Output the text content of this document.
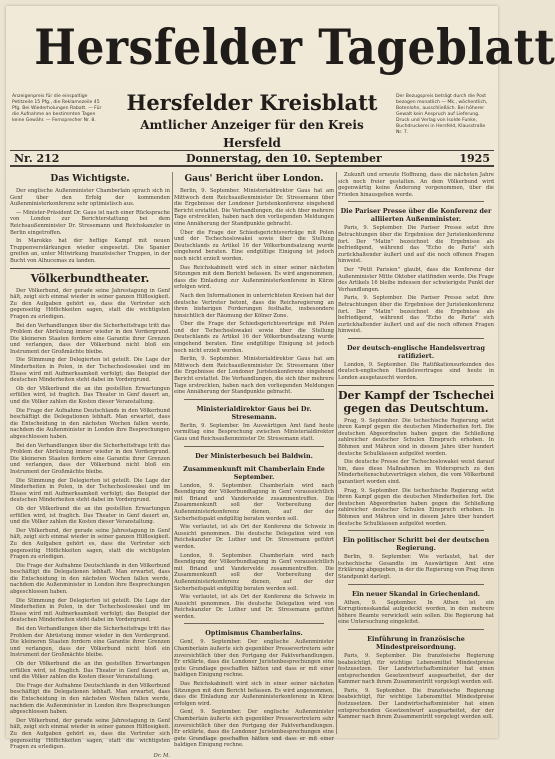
Hersfelder Tageblatt
Anzeigenpreis für die einspaltige Petitzeile 15 Pfg., die Reklamezeile 45 Pfg. Bei Wiederholungen Rabatt. — Für die Aufnahme an bestimmten Tagen keine Gewähr. — Fernsprecher Nr. 8.
Hersfelder Kreisblatt
Amtlicher Anzeiger für den Kreis Hersfeld
Der Bezugspreis beträgt durch die Post bezogen monatlich — Mk., wöchentlich, Botenlohn, ausschließlich. Bei höherer Gewalt kein Anspruch auf Lieferung. Druck und Verlag von Isolde Funke, Buchdruckerei in Hersfeld, Klausstraße Nr. 7.
Nr. 212	Donnerstag, den 10. September	1925
Das Wichtigste.

Der englische Außenminister Chamberlain sprach sich in Genf über den Erfolg der kommenden Außenministerkonferenz sehr optimistisch aus.

— Minister-Präsident Dr. Gaus ist nach einer Rücksprache von London zur Berichterstattung bei dem Reichsaußenminister Dr. Stresemann und Reichskanzler in Berlin eingetroffen.

In Marokko hat der heftige Kampf mit neuen Truppenverstärkungen wieder eingesetzt. Die Spanier greifen an, unter Mitwirkung französischer Truppen, in der Bucht von Alhucemas zu landen.

Völkerbundtheater.

Der Völkerbund, der gerade seine Jahrestagung in Genf hält, zeigt sich einmal wieder in seiner ganzen Hilflosigkeit. Zu den Aufgaben gehört es, dass die Vertreter sich gegenseitig Höflichkeiten sagen, statt die wichtigsten Fragen zu erledigen.

Bei den Verhandlungen über die Sicherheitsfrage tritt das Problem der Abrüstung immer wieder in den Vordergrund. Die kleineren Staaten fordern eine Garantie ihrer Grenzen und verlangen, dass der Völkerbund nicht bloß ein Instrument der Großmächte bleibe.

Die Stimmung der Delegierten ist geteilt. Die Lage der Minderheiten in Polen, in der Tschechoslowakei und im Elsass wird mit Aufmerksamkeit verfolgt; das Beispiel der deutschen Minderheiten steht dabei im Vordergrund.

Ob der Völkerbund die an ihn gestellten Erwartungen erfüllen wird, ist fraglich. Das Theater in Genf dauert an, und die Völker zahlen die Kosten dieser Veranstaltung.

Die Frage der Aufnahme Deutschlands in den Völkerbund beschäftigt die Delegationen lebhaft. Man erwartet, dass die Entscheidung in den nächsten Wochen fallen werde, nachdem die Außenminister in London ihre Besprechungen abgeschlossen haben.

Bei den Verhandlungen über die Sicherheitsfrage tritt das Problem der Abrüstung immer wieder in den Vordergrund. Die kleineren Staaten fordern eine Garantie ihrer Grenzen und verlangen, dass der Völkerbund nicht bloß ein Instrument der Großmächte bleibe.

Die Stimmung der Delegierten ist geteilt. Die Lage der Minderheiten in Polen, in der Tschechoslowakei und im Elsass wird mit Aufmerksamkeit verfolgt; das Beispiel der deutschen Minderheiten steht dabei im Vordergrund.

Ob der Völkerbund die an ihn gestellten Erwartungen erfüllen wird, ist fraglich. Das Theater in Genf dauert an, und die Völker zahlen die Kosten dieser Veranstaltung.

Der Völkerbund, der gerade seine Jahrestagung in Genf hält, zeigt sich einmal wieder in seiner ganzen Hilflosigkeit. Zu den Aufgaben gehört es, dass die Vertreter sich gegenseitig Höflichkeiten sagen, statt die wichtigsten Fragen zu erledigen.

Die Frage der Aufnahme Deutschlands in den Völkerbund beschäftigt die Delegationen lebhaft. Man erwartet, dass die Entscheidung in den nächsten Wochen fallen werde, nachdem die Außenminister in London ihre Besprechungen abgeschlossen haben.

Die Stimmung der Delegierten ist geteilt. Die Lage der Minderheiten in Polen, in der Tschechoslowakei und im Elsass wird mit Aufmerksamkeit verfolgt; das Beispiel der deutschen Minderheiten steht dabei im Vordergrund.

Bei den Verhandlungen über die Sicherheitsfrage tritt das Problem der Abrüstung immer wieder in den Vordergrund. Die kleineren Staaten fordern eine Garantie ihrer Grenzen und verlangen, dass der Völkerbund nicht bloß ein Instrument der Großmächte bleibe.

Ob der Völkerbund die an ihn gestellten Erwartungen erfüllen wird, ist fraglich. Das Theater in Genf dauert an, und die Völker zahlen die Kosten dieser Veranstaltung.

Die Frage der Aufnahme Deutschlands in den Völkerbund beschäftigt die Delegationen lebhaft. Man erwartet, dass die Entscheidung in den nächsten Wochen fallen werde, nachdem die Außenminister in London ihre Besprechungen abgeschlossen haben.

Der Völkerbund, der gerade seine Jahrestagung in Genf hält, zeigt sich einmal wieder in seiner ganzen Hilflosigkeit. Zu den Aufgaben gehört es, dass die Vertreter sich gegenseitig Höflichkeiten sagen, statt die wichtigsten Fragen zu erledigen.

Dr. M.
Gaus' Bericht über London.

Berlin, 9. September. Ministerialdirektor Gaus hat am Mittwoch dem Reichsaußenminister Dr. Stresemann über die Ergebnisse der Londoner Juristenkonferenz eingehend Bericht erstattet. Die Verhandlungen, die sich über mehrere Tage erstreckten, haben nach den vorliegenden Meldungen eine Annäherung der Standpunkte gebracht.

Über die Frage der Schiedsgerichtsverträge mit Polen und der Tschechoslowakei sowie über die Stellung Deutschlands zu Artikel 16 der Völkerbundsatzung wurde eingehend beraten. Eine endgültige Einigung ist jedoch noch nicht erzielt worden.

Das Reichskabinett wird sich in einer seiner nächsten Sitzungen mit dem Bericht befassen. Es wird angenommen, dass die Einladung zur Außenministerkonferenz in Kürze erfolgen wird.

Nach den Informationen in unterrichteten Kreisen hat der deutsche Vertreter betont, dass die Reichsregierung an ihren bisherigen Forderungen festhalte, insbesondere hinsichtlich der Räumung der Kölner Zone.

Über die Frage der Schiedsgerichtsverträge mit Polen und der Tschechoslowakei sowie über die Stellung Deutschlands zu Artikel 16 der Völkerbundsatzung wurde eingehend beraten. Eine endgültige Einigung ist jedoch noch nicht erzielt worden.

Berlin, 9. September. Ministerialdirektor Gaus hat am Mittwoch dem Reichsaußenminister Dr. Stresemann über die Ergebnisse der Londoner Juristenkonferenz eingehend Bericht erstattet. Die Verhandlungen, die sich über mehrere Tage erstreckten, haben nach den vorliegenden Meldungen eine Annäherung der Standpunkte gebracht.

Ministerialdirektor Gaus bei Dr. Stresemann.

Berlin, 9. September. Im Auswärtigen Amt fand heute vormittag eine Besprechung zwischen Ministerialdirektor Gaus und Reichsaußenminister Dr. Stresemann statt.

Der Ministerbesuch bei Baldwin.
Zusammenkunft mit Chamberlain Ende September.

London, 9. September. Chamberlain wird nach Beendigung der Völkerbundtagung in Genf voraussichtlich mit Briand und Vandervelde zusammentreffen. Die Zusammenkunft soll der Vorbereitung der Außenministerkonferenz dienen, auf der der Sicherheitspakt endgültig beraten werden soll.

Wie verlautet, ist als Ort der Konferenz die Schweiz in Aussicht genommen. Die deutsche Delegation wird von Reichskanzler Dr. Luther und Dr. Stresemann geführt werden.

London, 9. September. Chamberlain wird nach Beendigung der Völkerbundtagung in Genf voraussichtlich mit Briand und Vandervelde zusammentreffen. Die Zusammenkunft soll der Vorbereitung der Außenministerkonferenz dienen, auf der der Sicherheitspakt endgültig beraten werden soll.

Wie verlautet, ist als Ort der Konferenz die Schweiz in Aussicht genommen. Die deutsche Delegation wird von Reichskanzler Dr. Luther und Dr. Stresemann geführt werden.

Optimismus Chamberlains.

Genf, 9. September. Der englische Außenminister Chamberlain äußerte sich gegenüber Pressevertretern sehr zuversichtlich über den Fortgang der Paktverhandlungen. Er erklärte, dass die Londoner Juristenbesprechungen eine gute Grundlage geschaffen hätten und dass er mit einer baldigen Einigung rechne.

Das Reichskabinett wird sich in einer seiner nächsten Sitzungen mit dem Bericht befassen. Es wird angenommen, dass die Einladung zur Außenministerkonferenz in Kürze erfolgen wird.

Genf, 9. September. Der englische Außenminister Chamberlain äußerte sich gegenüber Pressevertretern sehr zuversichtlich über den Fortgang der Paktverhandlungen. Er erklärte, dass die Londoner Juristenbesprechungen eine gute Grundlage geschaffen hätten und dass er mit einer baldigen Einigung rechne.

Zukunft und erneute Hoffnung, dass die nächsten Jahre sich noch freier gestalten. An dem Völkerbund wird gegenwärtig keine Änderung vorgenommen, über die Frieden hinausgehen werde.

Die Pariser Presse über die Konferenz der alliierten Außenminister.

Paris, 9. September. Die Pariser Presse setzt ihre Betrachtungen über die Ergebnisse der Juristenkonferenz fort. Der "Matin" bezeichnet die Ergebnisse als befriedigend, während das "Echo de Paris" sich zurückhaltender äußert und auf die noch offenen Fragen hinweist.

Der "Petit Parisien" glaubt, dass die Konferenz der Außenminister Mitte Oktober stattfinden werde. Die Frage des Artikels 16 bleibe indessen der schwierigste Punkt der Verhandlungen.

Paris, 9. September. Die Pariser Presse setzt ihre Betrachtungen über die Ergebnisse der Juristenkonferenz fort. Der "Matin" bezeichnet die Ergebnisse als befriedigend, während das "Echo de Paris" sich zurückhaltender äußert und auf die noch offenen Fragen hinweist.

Der deutsch-englische Handelsvertrag ratifiziert.

London, 9. September. Die Ratifikationsurkunden des deutsch-englischen Handelsvertrages sind heute in London ausgetauscht worden.

Der Kampf der Tschechei gegen das Deutschtum.

Prag, 9. September. Die tschechische Regierung setzt ihren Kampf gegen die deutschen Minderheiten fort. Die deutschen Abgeordneten haben gegen die Schließung zahlreicher deutscher Schulen Einspruch erhoben. In Böhmen und Mähren sind in diesem Jahre über hundert deutsche Schulklassen aufgelöst worden.

Die deutsche Presse der Tschechoslowakei weist darauf hin, dass diese Maßnahmen im Widerspruch zu den Minderheitenschutzverträgen stehen, die vom Völkerbund garantiert worden sind.

Prag, 9. September. Die tschechische Regierung setzt ihren Kampf gegen die deutschen Minderheiten fort. Die deutschen Abgeordneten haben gegen die Schließung zahlreicher deutscher Schulen Einspruch erhoben. In Böhmen und Mähren sind in diesem Jahre über hundert deutsche Schulklassen aufgelöst worden.

Ein politischer Schritt bei der deutschen Regierung.

Berlin, 9. September. Wie verlautet, hat der tschechische Gesandte im Auswärtigen Amt eine Erklärung abgegeben, in der die Regierung von Prag ihren Standpunkt darlegt.

Ein neuer Skandal in Griechenland.

Athen, 9. September. In Athen ist ein Korruptionsskandal aufgedeckt worden, in den mehrere höhere Beamte verwickelt sein sollen. Die Regierung hat eine Untersuchung eingeleitet.

Einführung in französische Mindestpreisordnung.

Paris, 9. September. Die französische Regierung beabsichtigt, für wichtige Lebensmittel Mindestpreise festzusetzen. Der Landwirtschaftsminister hat einen entsprechenden Gesetzentwurf ausgearbeitet, der der Kammer nach ihrem Zusammentritt vorgelegt werden soll.

Paris, 9. September. Die französische Regierung beabsichtigt, für wichtige Lebensmittel Mindestpreise festzusetzen. Der Landwirtschaftsminister hat einen entsprechenden Gesetzentwurf ausgearbeitet, der der Kammer nach ihrem Zusammentritt vorgelegt werden soll.
